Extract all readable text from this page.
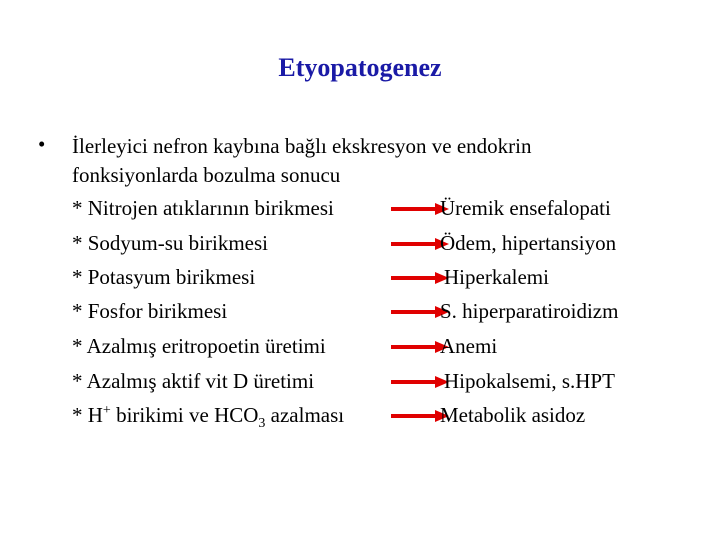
Etyopatogenez
• İlerleyici nefron kaybına bağlı ekskresyon ve endokrin
fonksiyonlarda bozulma sonucu
* Nitrojen atıklarının birikmesi	Üremik ensefalopati
* Sodyum-su birikmesi	Ödem, hipertansiyon
* Potasyum birikmesi	Hiperkalemi
* Fosfor birikmesi	S. hiperparatiroidizm
* Azalmış eritropoetin üretimi	Anemi
* Azalmış aktif vit D üretimi	Hipokalsemi, s.HPT
* H+ birikimi ve $HCO_3$ azalması	Metabolik asidoz
